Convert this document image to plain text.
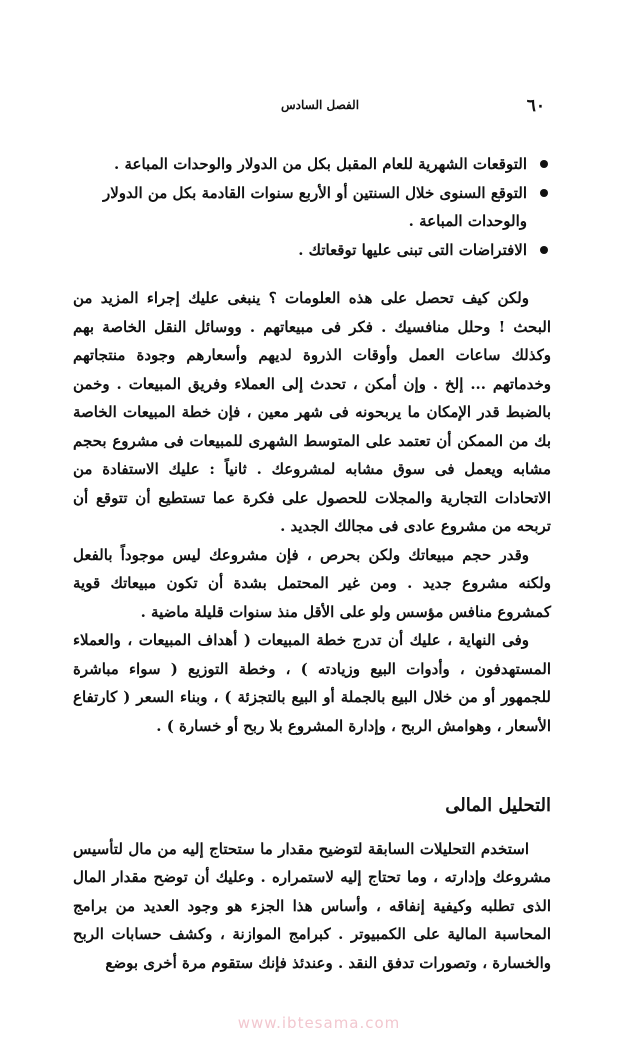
٦٠
الفصل السادس
التوقعات الشهرية للعام المقبل بكل من الدولار والوحدات المباعة .
التوقع السنوى خلال السنتين أو الأربع سنوات القادمة بكل من الدولار والوحدات المباعة .
الافتراضات التى تبنى عليها توقعاتك .

ولكن كيف تحصل على هذه العلومات ؟ ينبغى عليك إجراء المزيد من البحث ! وحلل منافسيك . فكر فى مبيعاتهم . ووسائل النقل الخاصة بهم وكذلك ساعات العمل وأوقات الذروة لديهم وأسعارهم وجودة منتجاتهم وخدماتهم ... إلخ . وإن أمكن ، تحدث إلى العملاء وفريق المبيعات . وخمن بالضبط قدر الإمكان ما يربحونه فى شهر معين ، فإن خطة المبيعات الخاصة بك من الممكن أن تعتمد على المتوسط الشهرى للمبيعات فى مشروع بحجم مشابه ويعمل فى سوق مشابه لمشروعك . ثانياً : عليك الاستفادة من الاتحادات التجارية والمجلات للحصول على فكرة عما تستطيع أن تتوقع أن تربحه من مشروع عادى فى مجالك الجديد .

وقدر حجم مبيعاتك ولكن بحرص ، فإن مشروعك ليس موجوداً بالفعل ولكنه مشروع جديد . ومن غير المحتمل بشدة أن تكون مبيعاتك قوية كمشروع منافس مؤسس ولو على الأقل منذ سنوات قليلة ماضية .

وفى النهاية ، عليك أن تدرج خطة المبيعات ( أهداف المبيعات ، والعملاء المستهدفون ، وأدوات البيع وزيادته ) ، وخطة التوزيع ( سواء مباشرة للجمهور أو من خلال البيع بالجملة أو البيع بالتجزئة ) ، وبناء السعر ( كارتفاع الأسعار ، وهوامش الربح ، وإدارة المشروع بلا ربح أو خسارة ) .

التحليل المالى

استخدم التحليلات السابقة لتوضيح مقدار ما ستحتاج إليه من مال لتأسيس مشروعك وإدارته ، وما تحتاج إليه لاستمراره . وعليك أن توضح مقدار المال الذى تطلبه وكيفية إنفاقه ، وأساس هذا الجزء هو وجود العديد من برامج المحاسبة المالية على الكمبيوتر . كبرامج الموازنة ، وكشف حسابات الربح والخسارة ، وتصورات تدفق النقد . وعندئذ فإنك ستقوم مرة أخرى بوضع

www.ibtesama.com
